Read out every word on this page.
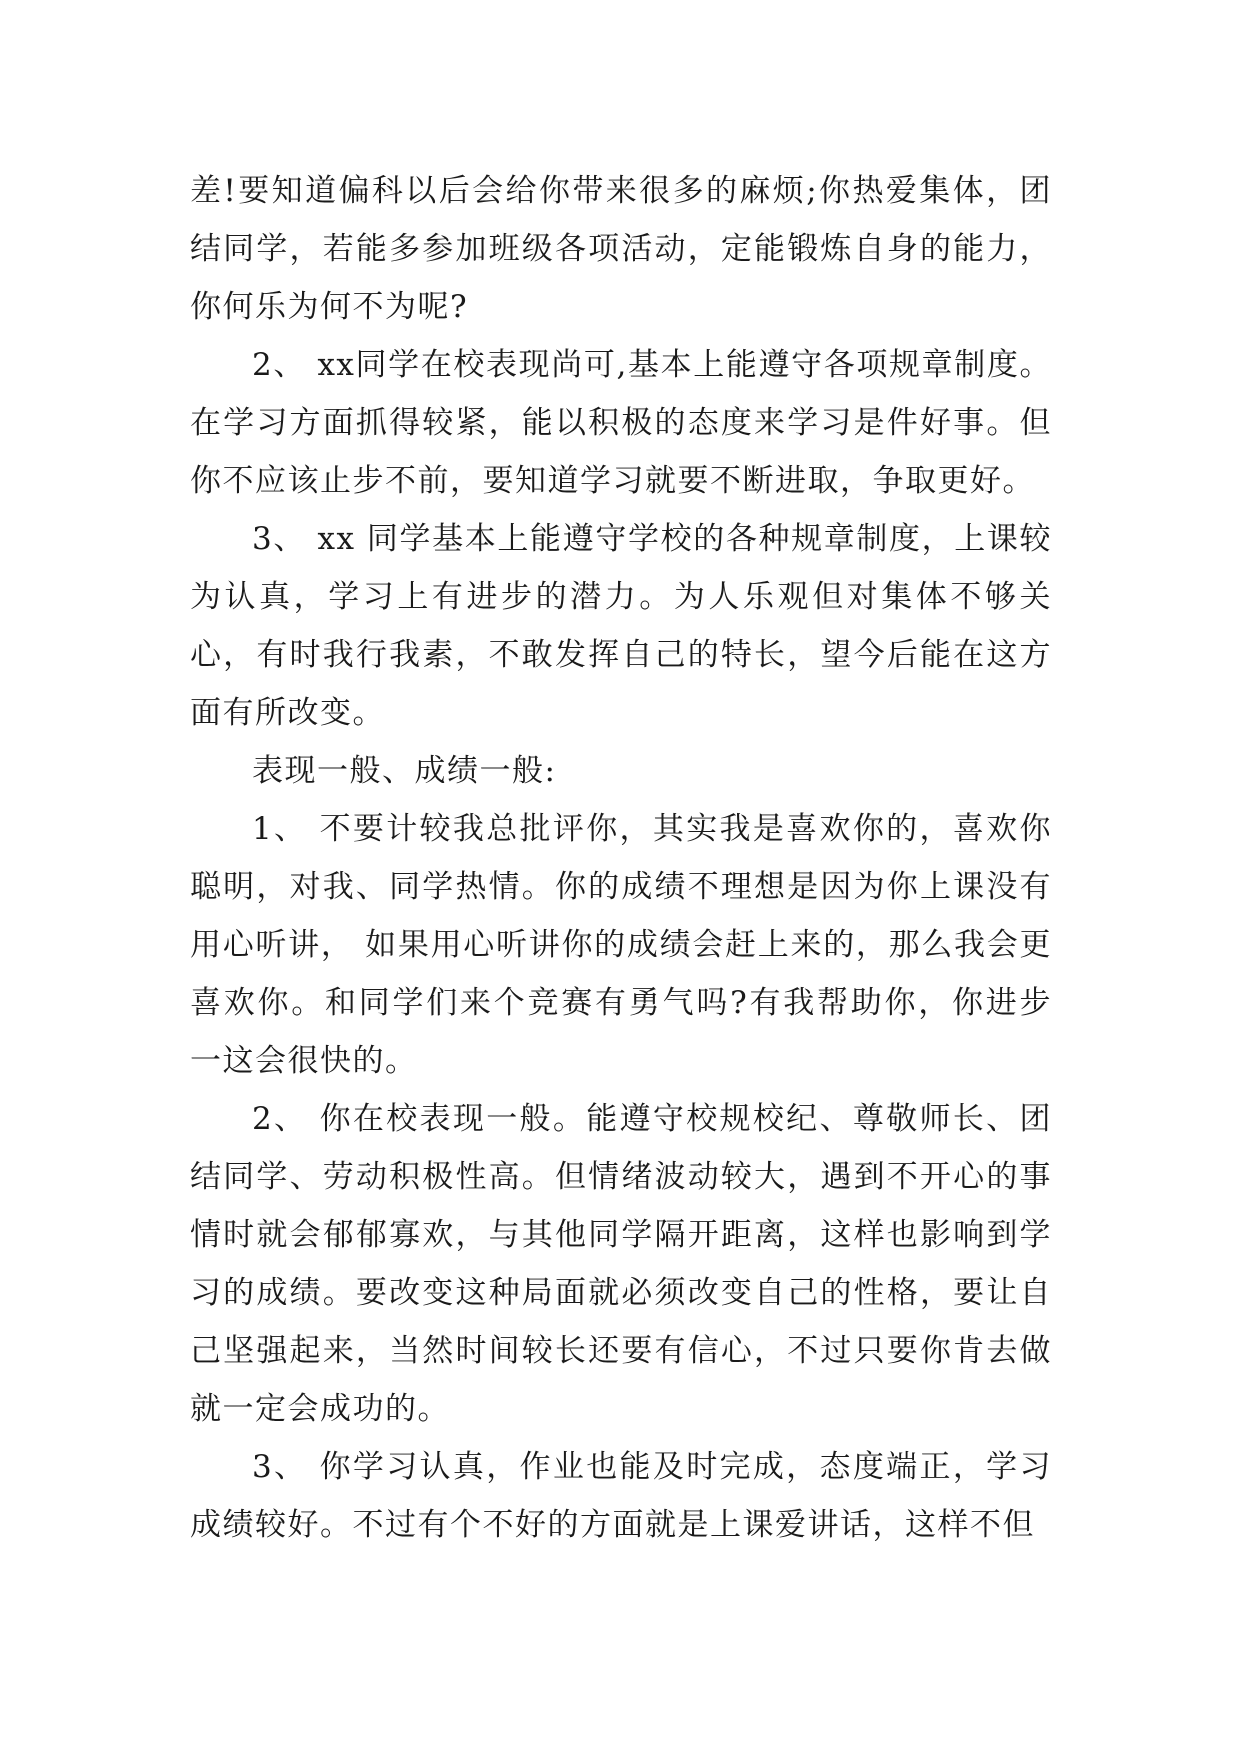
差!要知道偏科以后会给你带来很多的麻烦;你热爱集体，团结同学，若能多参加班级各项活动，定能锻炼自身的能力，你何乐为何不为呢?

2、 xx同学在校表现尚可,基本上能遵守各项规章制度。在学习方面抓得较紧，能以积极的态度来学习是件好事。但你不应该止步不前，要知道学习就要不断进取，争取更好。

3、 xx 同学基本上能遵守学校的各种规章制度，上课较为认真，学习上有进步的潜力。为人乐观但对集体不够关心，有时我行我素，不敢发挥自己的特长，望今后能在这方面有所改变。

表现一般、成绩一般:

1、 不要计较我总批评你，其实我是喜欢你的，喜欢你聪明，对我、同学热情。你的成绩不理想是因为你上课没有用心听讲， 如果用心听讲你的成绩会赶上来的，那么我会更喜欢你。和同学们来个竞赛有勇气吗?有我帮助你，你进步一这会很快的。

2、 你在校表现一般。能遵守校规校纪、尊敬师长、团结同学、劳动积极性高。但情绪波动较大，遇到不开心的事情时就会郁郁寡欢，与其他同学隔开距离，这样也影响到学习的成绩。要改变这种局面就必须改变自己的性格，要让自己坚强起来，当然时间较长还要有信心，不过只要你肯去做就一定会成功的。

3、 你学习认真，作业也能及时完成，态度端正，学习成绩较好。不过有个不好的方面就是上课爱讲话，这样不但
